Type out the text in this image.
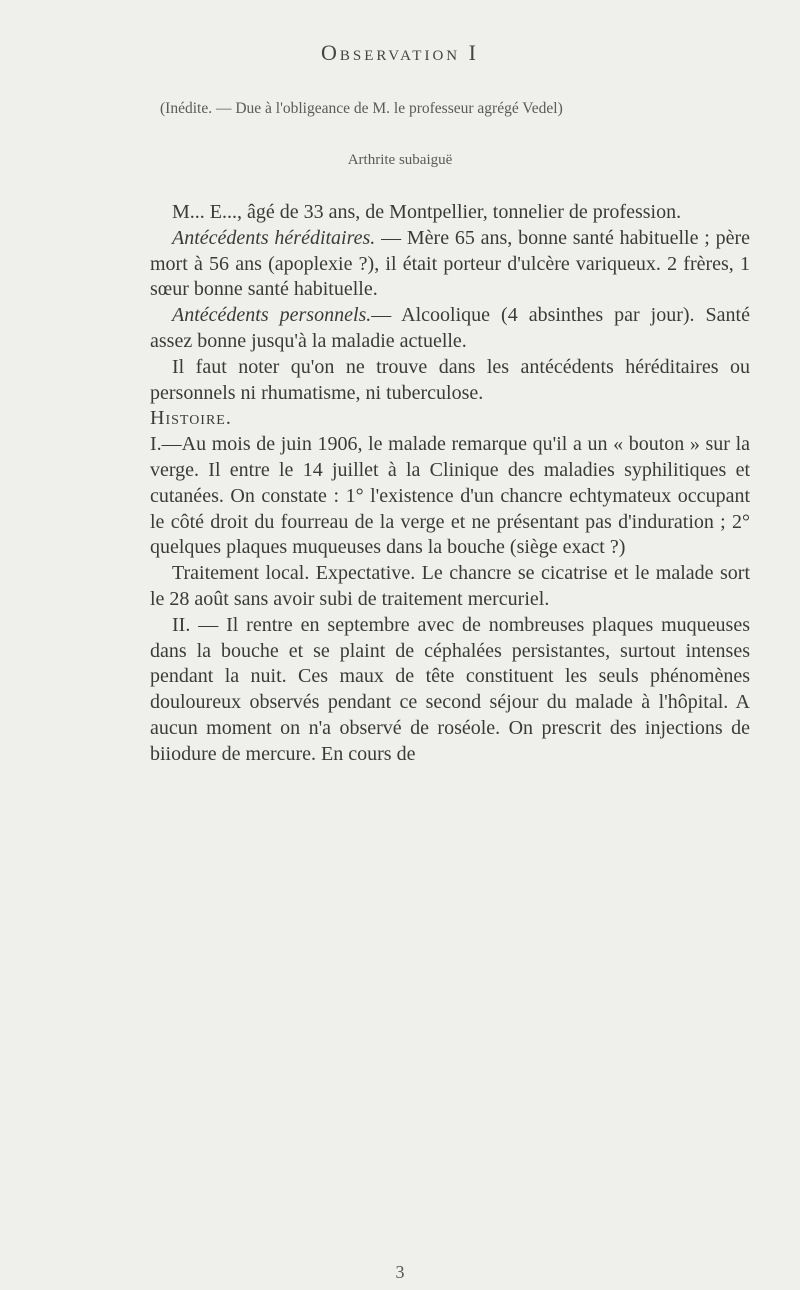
Observation I
(Inédite. — Due à l'obligeance de M. le professeur agrégé Vedel)
Arthrite subaiguë

M... E..., âgé de 33 ans, de Montpellier, tonnelier de profession.

Antécédents héréditaires. — Mère 65 ans, bonne santé habituelle ; père mort à 56 ans (apoplexie ?), il était porteur d'ulcère variqueux. 2 frères, 1 sœur bonne santé habituelle.

Antécédents personnels.— Alcoolique (4 absinthes par jour). Santé assez bonne jusqu'à la maladie actuelle.

Il faut noter qu'on ne trouve dans les antécédents héréditaires ou personnels ni rhumatisme, ni tuberculose.

Histoire.

I.—Au mois de juin 1906, le malade remarque qu'il a un « bouton » sur la verge. Il entre le 14 juillet à la Clinique des maladies syphilitiques et cutanées. On constate : 1° l'existence d'un chancre echtymateux occupant le côté droit du fourreau de la verge et ne présentant pas d'induration ; 2° quelques plaques muqueuses dans la bouche (siège exact ?)

Traitement local. Expectative. Le chancre se cicatrise et le malade sort le 28 août sans avoir subi de traitement mercuriel.

II. — Il rentre en septembre avec de nombreuses plaques muqueuses dans la bouche et se plaint de céphalées persistantes, surtout intenses pendant la nuit. Ces maux de tête constituent les seuls phénomènes douloureux observés pendant ce second séjour du malade à l'hôpital. A aucun moment on n'a observé de roséole. On prescrit des injections de biiodure de mercure. En cours de

3
